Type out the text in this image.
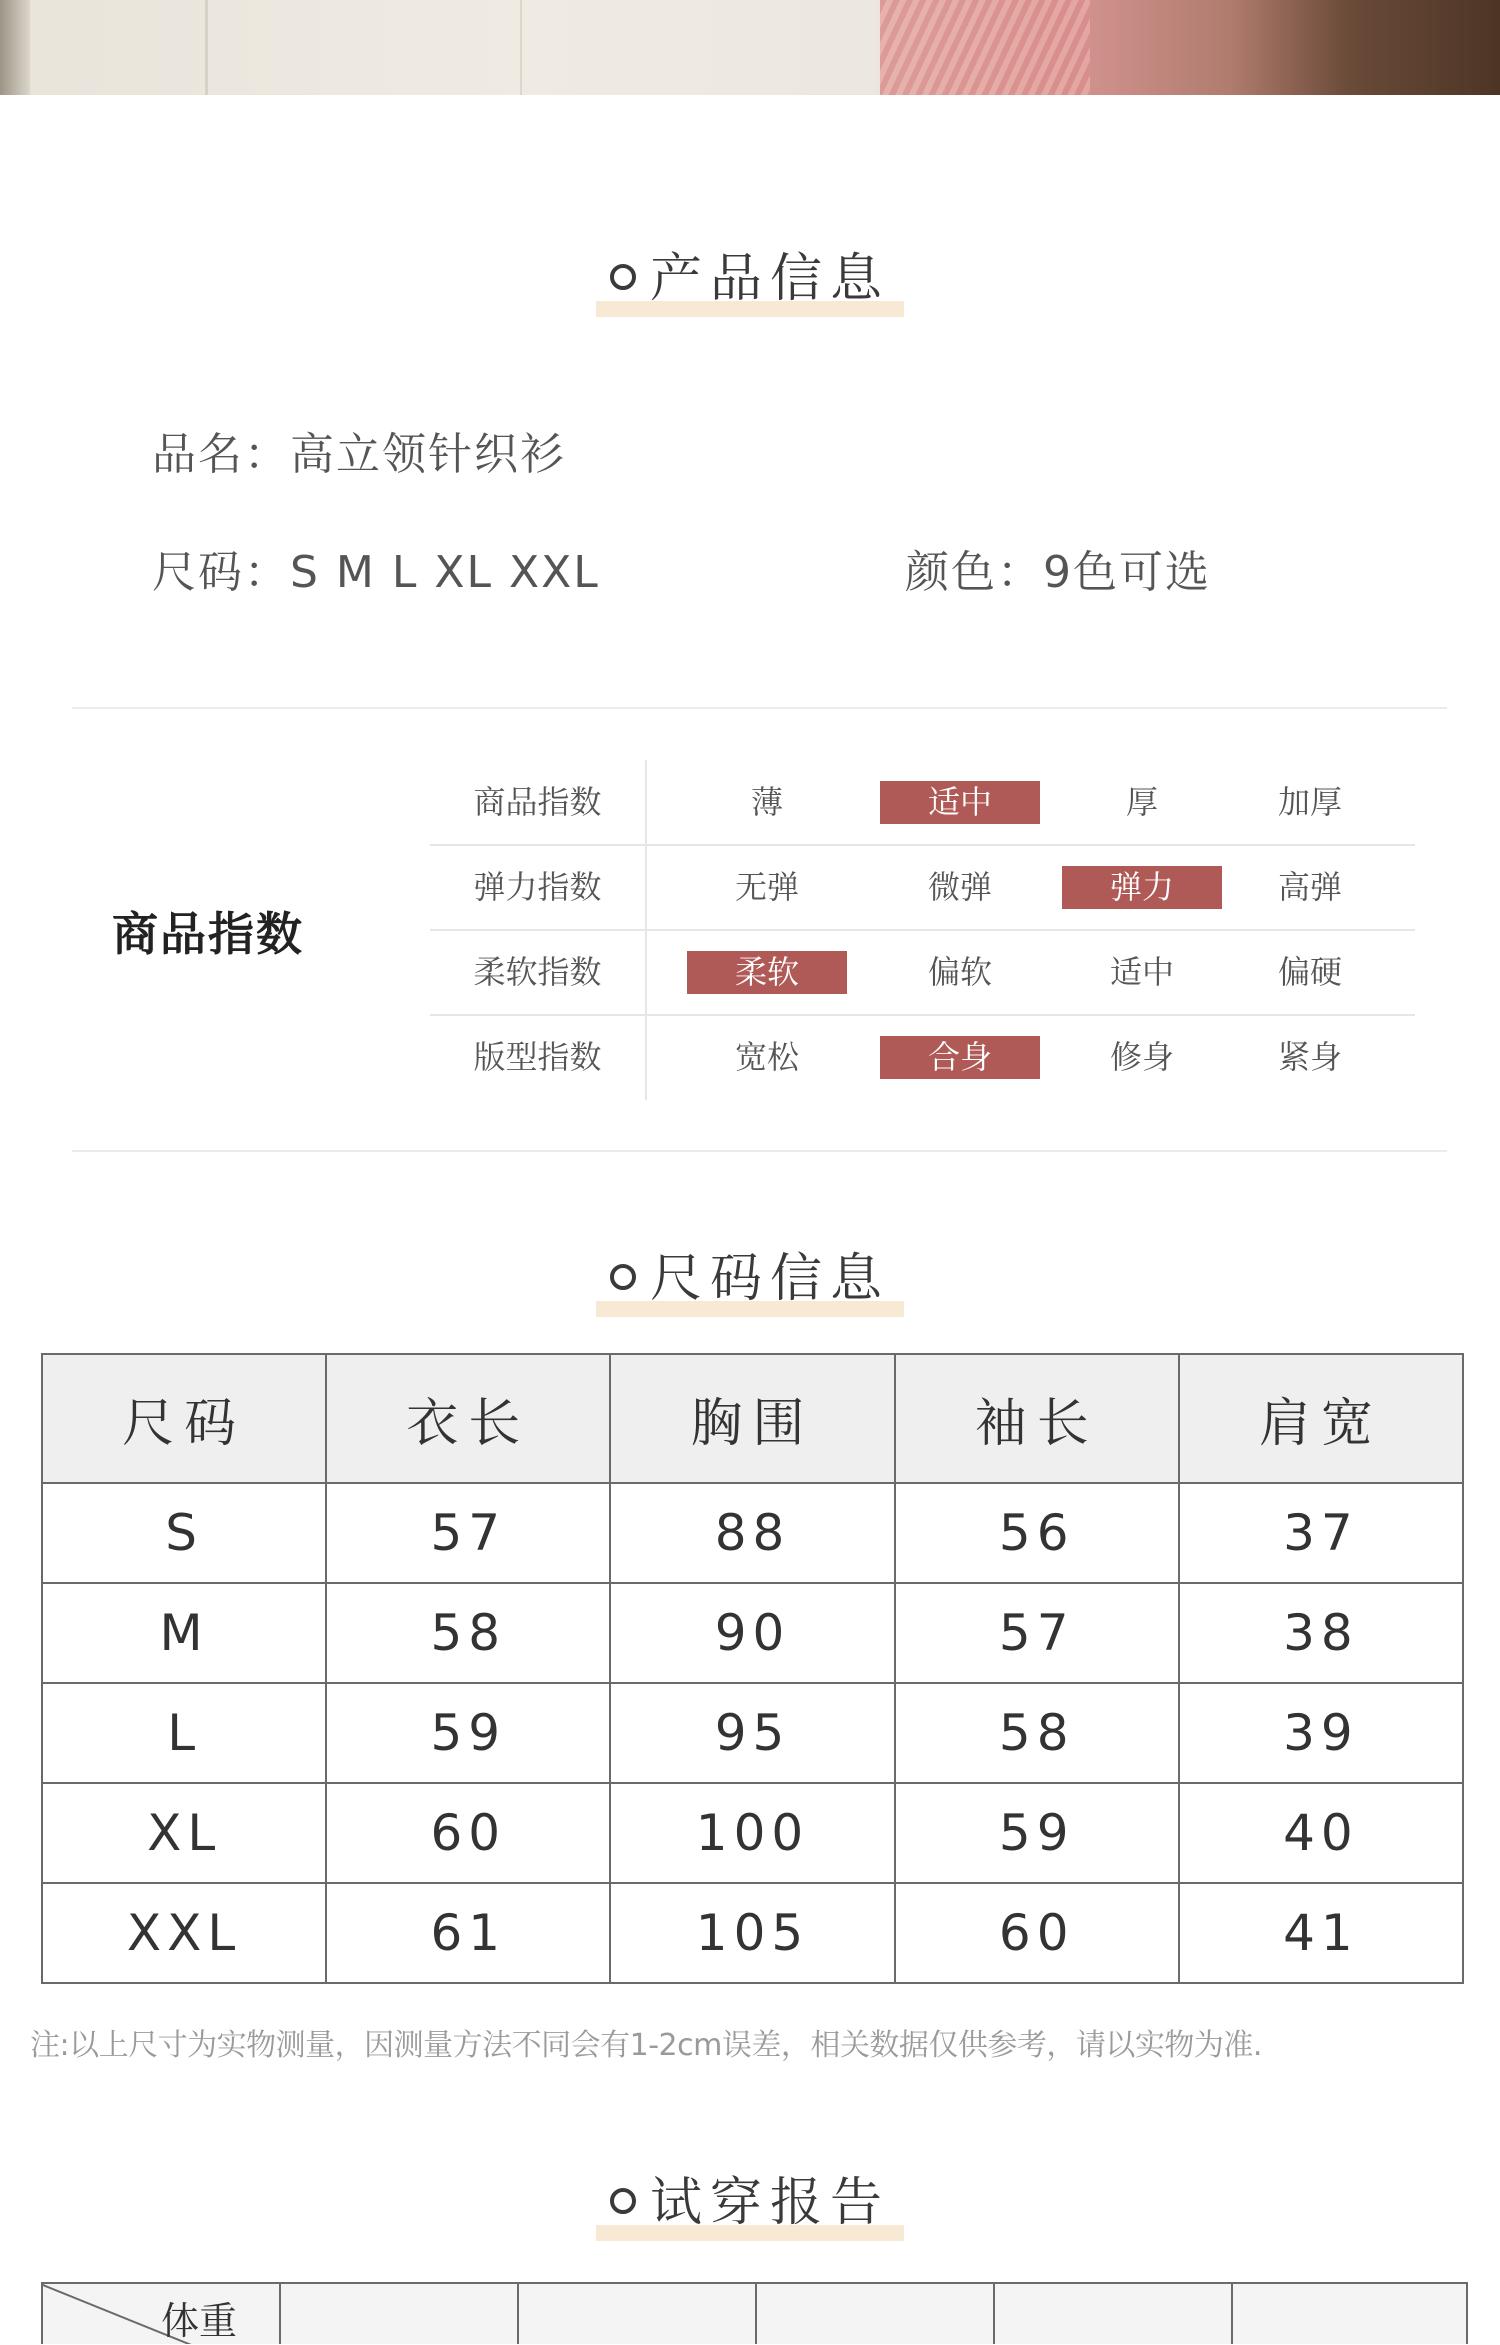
产品信息
品名：高立领针织衫
尺码：S M L XL XXL	颜色：9色可选
商品指数
商品指数	薄	适中	厚	加厚
弹力指数	无弹	微弹	弹力	高弹
柔软指数	柔软	偏软	适中	偏硬
版型指数	宽松	合身	修身	紧身
尺码信息
尺码	衣长	胸围	袖长	肩宽
S	57	88	56	37
M	58	90	57	38
L	59	95	58	39
XL	60	100	59	40
XXL	61	105	60	41
注:以上尺寸为实物测量，因测量方法不同会有1-2cm误差，相关数据仅供参考，请以实物为准.
试穿报告
体重
